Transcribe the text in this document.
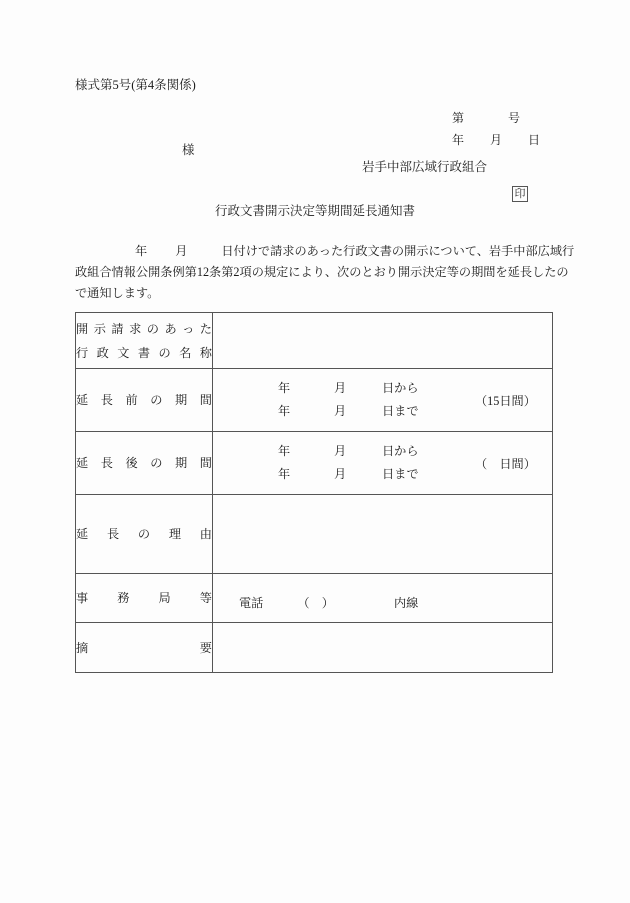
様式第5号(第4条関係)

第	号

年 月 日

様
岩手中部広域行政組合
印
行政文書開示決定等期間延長通知書
年 月	日付けで請求のあった行政文書の開示について、岩手中部広域行
政組合情報公開条例第12条第2項の規定により、次のとおり開示決定等の期間を延長したの
で通知します。
開示請求のあった
行政文書の名称	

延長前の期間	年 月 日から
年 月 日まで
（15日間）

延長後の期間	年 月 日から
年 月 日まで
（　日間）

延長の理由	

事務局等	電話 （　） 内線

摘要	
